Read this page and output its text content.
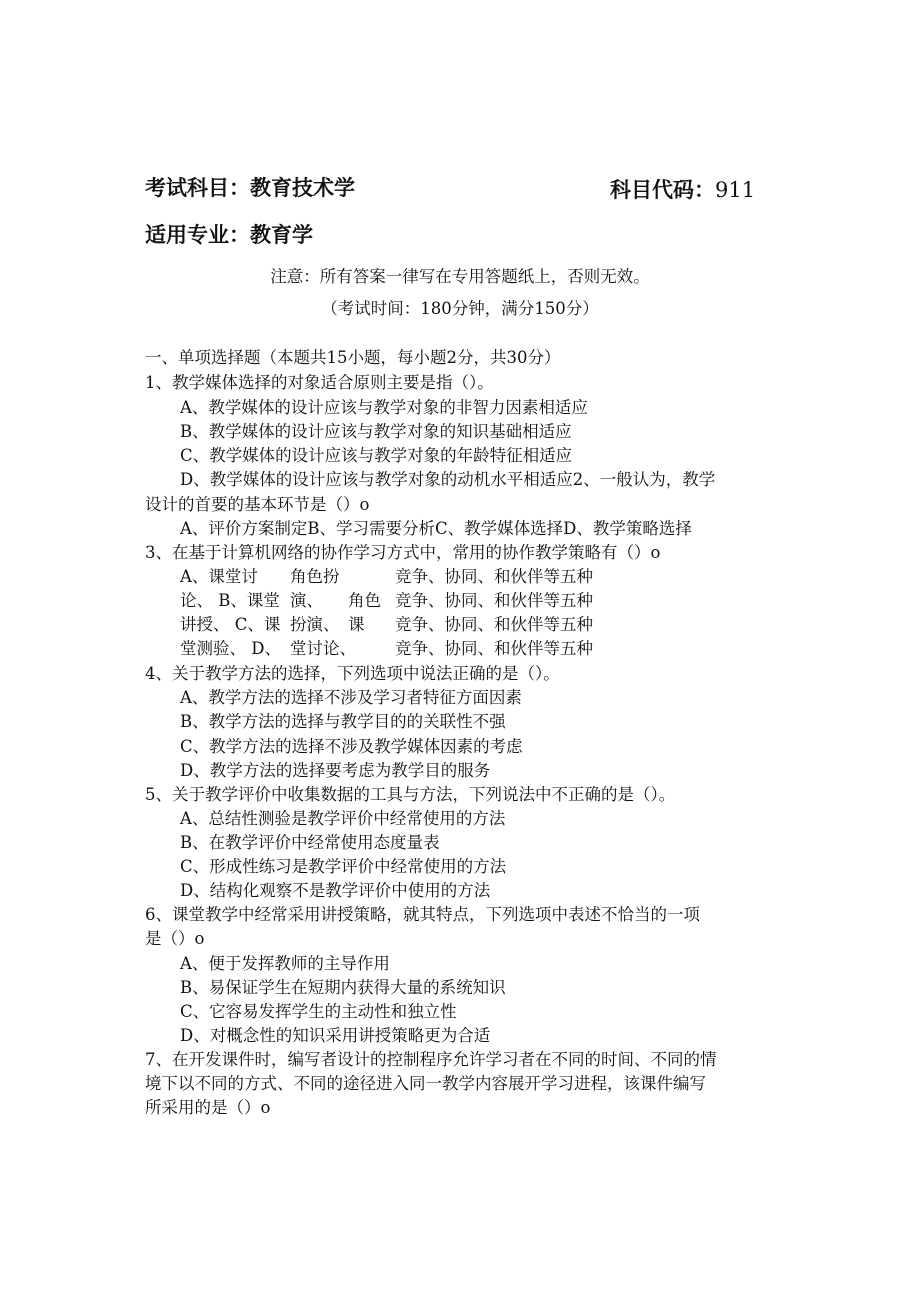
考试科目：教育技术学	科目代码：911
适用专业：教育学
注意：所有答案一律写在专用答题纸上，否则无效。
（考试时间：180分钟，满分150分）
一、单项选择题（本题共15小题，每小题2分，共30分）
1、教学媒体选择的对象适合原则主要是指（）。
A、教学媒体的设计应该与教学对象的非智力因素相适应
B、教学媒体的设计应该与教学对象的知识基础相适应
C、教学媒体的设计应该与教学对象的年龄特征相适应
D、教学媒体的设计应该与教学对象的动机水平相适应2、一般认为，教学
设计的首要的基本环节是（）o
A、评价方案制定B、学习需要分析C、教学媒体选择D、教学策略选择
3、在基于计算机网络的协作学习方式中，常用的协作教学策略有（）o
A、课堂讨 角色扮	竞争、协同、和伙伴等五种
论、 B、课堂 演、 角色 竞争、协同、和伙伴等五种
讲授、 C、课 扮演、 课 竞争、协同、和伙伴等五种
堂测验、 D、 堂讨论、 竞争、协同、和伙伴等五种
4、关于教学方法的选择，下列选项中说法正确的是（）。
A、教学方法的选择不涉及学习者特征方面因素
B、教学方法的选择与教学目的的关联性不强
C、教学方法的选择不涉及教学媒体因素的考虑
D、教学方法的选择要考虑为教学目的服务
5、关于教学评价中收集数据的工具与方法，下列说法中不正确的是（）。
A、总结性测验是教学评价中经常使用的方法
B、在教学评价中经常使用态度量表
C、形成性练习是教学评价中经常使用的方法
D、结构化观察不是教学评价中使用的方法
6、课堂教学中经常采用讲授策略，就其特点，下列选项中表述不恰当的一项
是（）o
A、便于发挥教师的主导作用
B、易保证学生在短期内获得大量的系统知识
C、它容易发挥学生的主动性和独立性
D、对概念性的知识采用讲授策略更为合适
7、在开发课件时，编写者设计的控制程序允许学习者在不同的时间、不同的情
境下以不同的方式、不同的途径进入同一教学内容展开学习进程，该课件编写
所采用的是（）o
